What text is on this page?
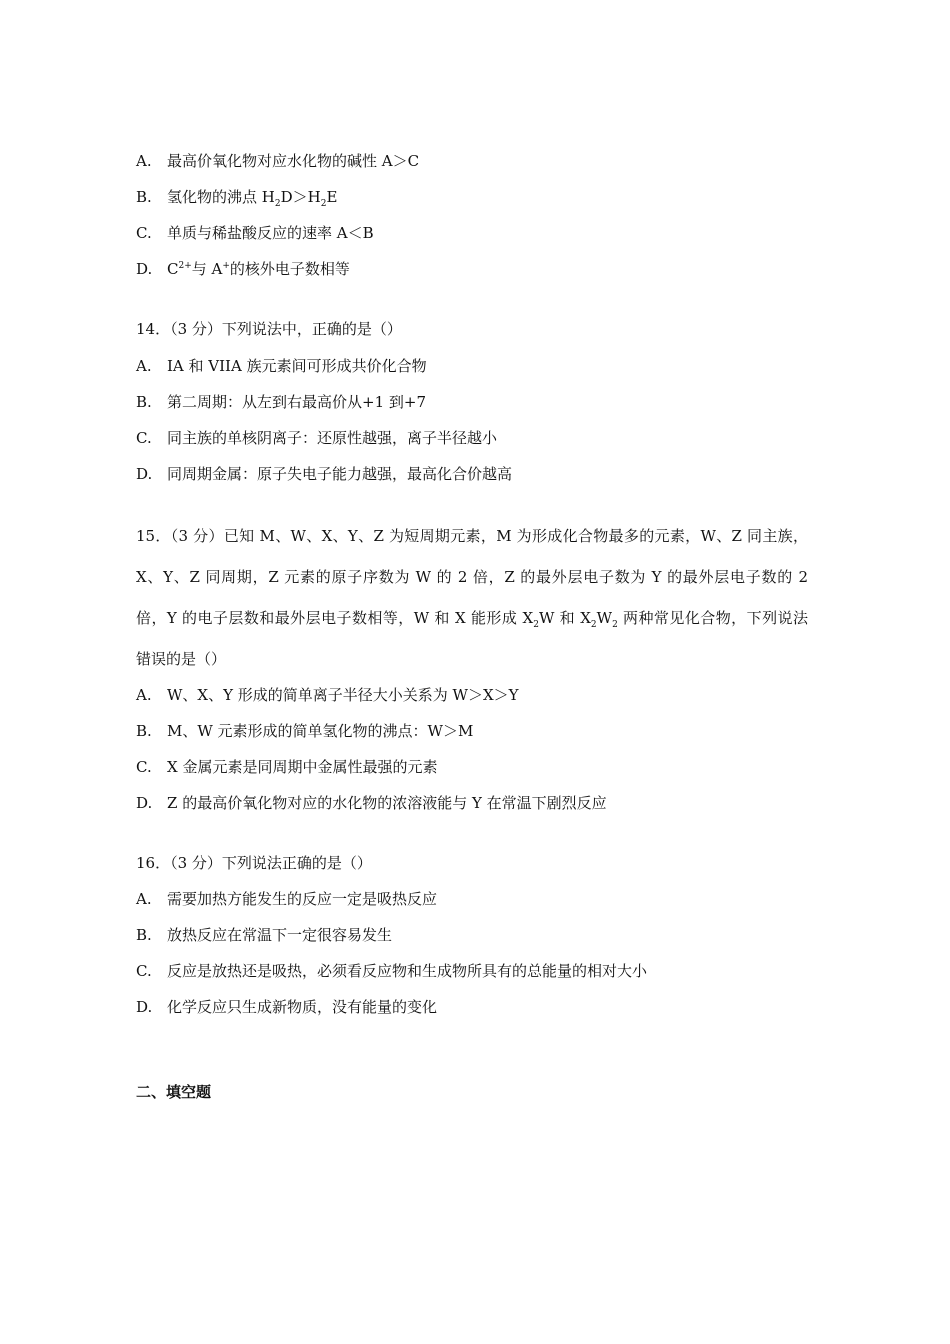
A. 最高价氧化物对应水化物的碱性 A＞C
B. 氢化物的沸点 $H_2D>H_2E$
C. 单质与稀盐酸反应的速率 A＜B
D. $C^{2+}$与 A+的核外电子数相等
14．（3 分）下列说法中，正确的是（）
A. IA 和 VIIA 族元素间可形成共价化合物
B. 第二周期：从左到右最高价从+1 到+7
C. 同主族的单核阴离子：还原性越强，离子半径越小
D. 同周期金属：原子失电子能力越强，最高化合价越高
15．（3 分）已知 M、W、X、Y、Z 为短周期元素，M 为形成化合物最多的元素，W、Z 同主族，
X、Y、Z 同周期，Z 元素的原子序数为 W 的 2 倍，Z 的最外层电子数为 Y 的最外层电子数的 2
倍，Y 的电子层数和最外层电子数相等，W 和 X 能形成 $X_2W$ 和 $X_2W_2$ 两种常见化合物，下列说法
错误的是（）
A. W、X、Y 形成的简单离子半径大小关系为 W＞X＞Y
B. M、W 元素形成的简单氢化物的沸点：W＞M
C. X 金属元素是同周期中金属性最强的元素
D. Z 的最高价氧化物对应的水化物的浓溶液能与 Y 在常温下剧烈反应
16．（3 分）下列说法正确的是（）
A. 需要加热方能发生的反应一定是吸热反应
B. 放热反应在常温下一定很容易发生
C. 反应是放热还是吸热，必须看反应物和生成物所具有的总能量的相对大小
D. 化学反应只生成新物质，没有能量的变化
二、填空题
